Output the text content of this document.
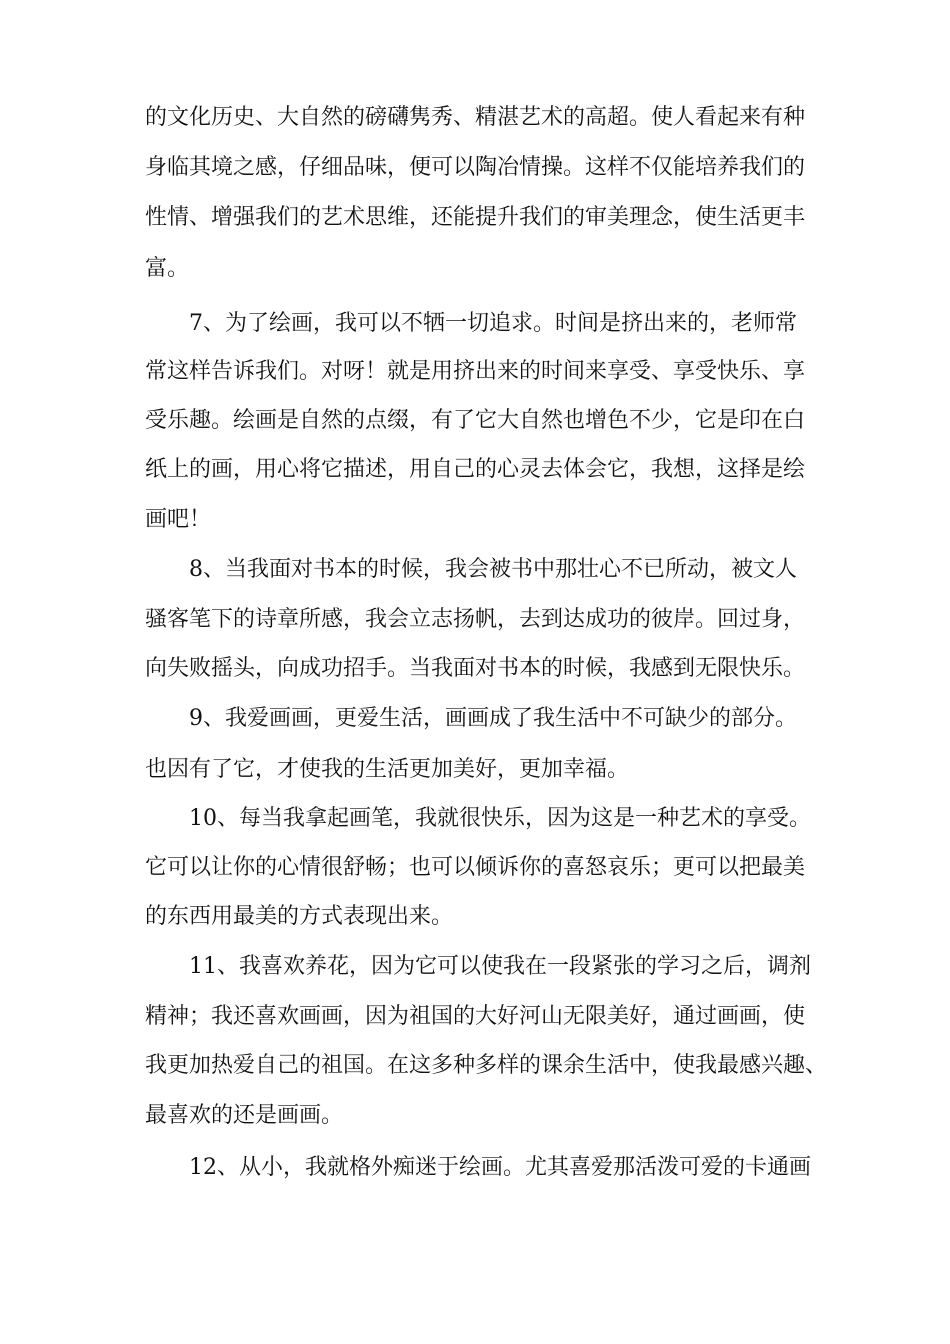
的文化历史、大自然的磅礴隽秀、精湛艺术的高超。使人看起来有种
身临其境之感，仔细品味，便可以陶冶情操。这样不仅能培养我们的
性情、增强我们的艺术思维，还能提升我们的审美理念，使生活更丰
富。
7、为了绘画，我可以不牺一切追求。时间是挤出来的，老师常
常这样告诉我们。对呀！就是用挤出来的时间来享受、享受快乐、享
受乐趣。绘画是自然的点缀，有了它大自然也增色不少，它是印在白
纸上的画，用心将它描述，用自己的心灵去体会它，我想，这择是绘
画吧！
8、当我面对书本的时候，我会被书中那壮心不已所动，被文人
骚客笔下的诗章所感，我会立志扬帆，去到达成功的彼岸。回过身，
向失败摇头，向成功招手。当我面对书本的时候，我感到无限快乐。
9、我爱画画，更爱生活，画画成了我生活中不可缺少的部分。
也因有了它，才使我的生活更加美好，更加幸福。
10、每当我拿起画笔，我就很快乐，因为这是一种艺术的享受。
它可以让你的心情很舒畅；也可以倾诉你的喜怒哀乐；更可以把最美
的东西用最美的方式表现出来。
11、我喜欢养花，因为它可以使我在一段紧张的学习之后，调剂
精神；我还喜欢画画，因为祖国的大好河山无限美好，通过画画，使
我更加热爱自己的祖国。在这多种多样的课余生活中，使我最感兴趣、
最喜欢的还是画画。
12、从小，我就格外痴迷于绘画。尤其喜爱那活泼可爱的卡通画
